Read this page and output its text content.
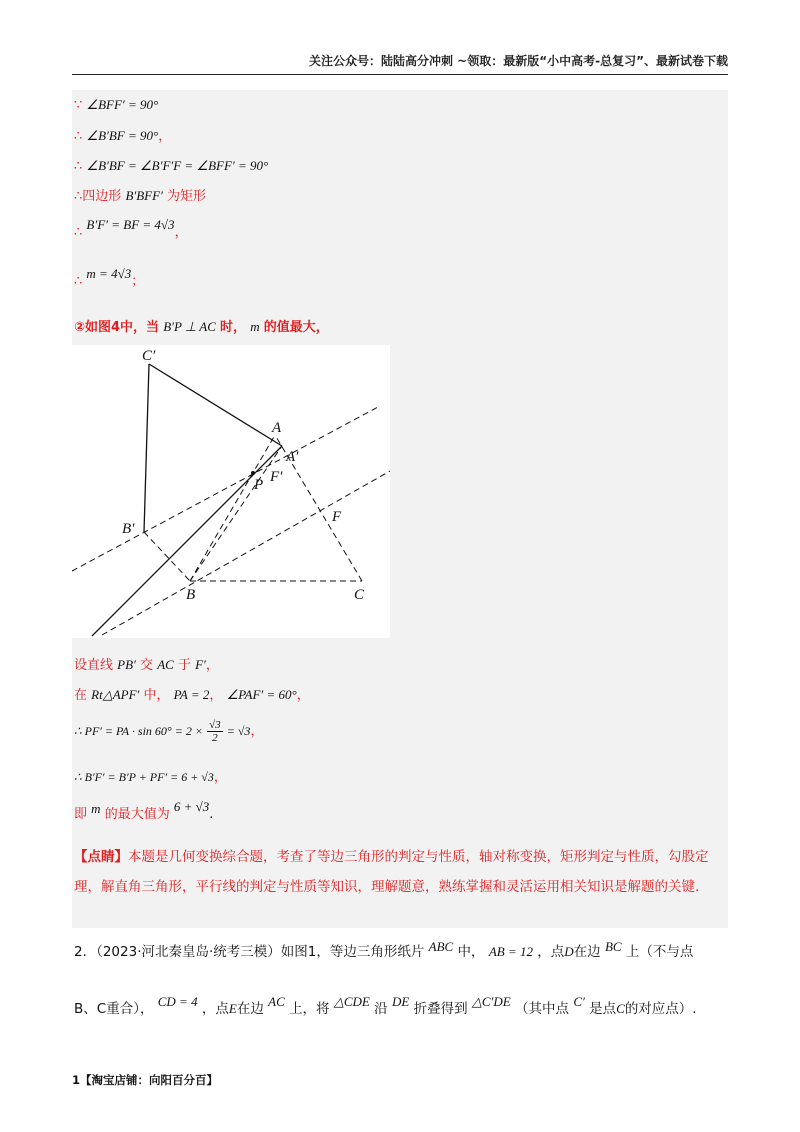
关注公众号：陆陆高分冲刺 ~领取：最新版“小中高考-总复习”、最新试卷下载
∵ ∠BFF′ = 90°
∴ ∠B′BF = 90°，
∴ ∠B′BF = ∠B′F′F = ∠BFF′ = 90°
∴四边形 B′BFF′ 为矩形
∴ B′F′ = BF = 4√3，
∴ m = 4√3；
②如图4中，当 B′P ⊥ AC 时， m 的值最大，
C′
A
A′
F′
P
B′
F
B	C
设直线 PB′ 交 AC 于 F′，
在 Rt△APF′ 中， PA = 2， ∠PAF′ = 60°，
∴ PF′ = PA · $\sin 60^\circ = 2 \times \frac{√3}{2} = √3$，
∴ B′F′ = B′P + PF′ = 6 + √3，
即 m 的最大值为 6 + √3.
【点睛】本题是几何变换综合题，考查了等边三角形的判定与性质，轴对称变换，矩形判定与性质，勾股定理，解直角三角形，平行线的判定与性质等知识，理解题意，熟练掌握和灵活运用相关知识是解题的关键.
2．（2023·河北秦皇岛·统考三模）如图1，等边三角形纸片 ABC 中， AB = 12 ，点D在边 BC 上（不与点
B、C重合）， CD = 4 ，点E在边 AC 上，将 △CDE 沿 DE 折叠得到 △C′DE （其中点 C′ 是点C的对应点）.
1【淘宝店铺：向阳百分百】
